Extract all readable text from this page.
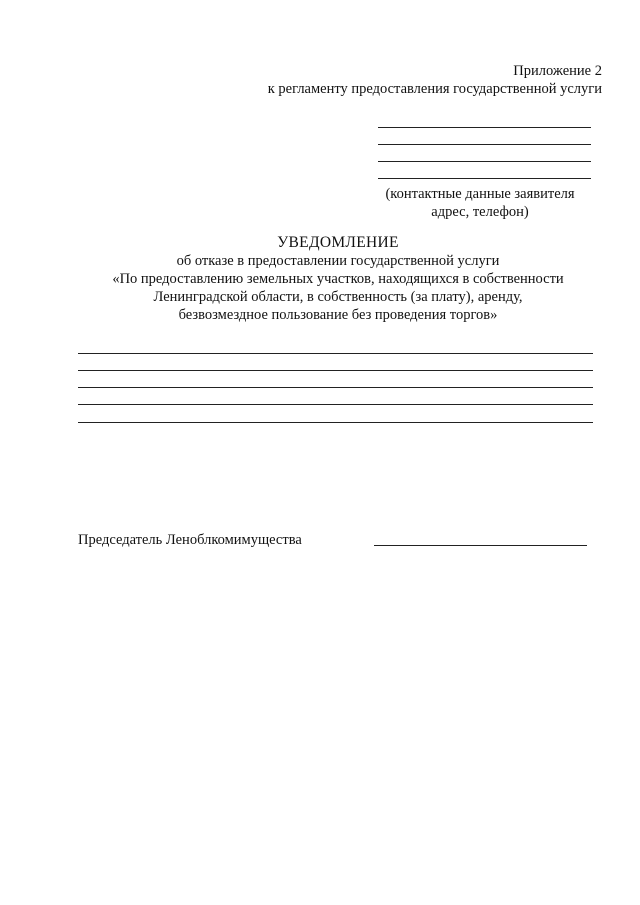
Приложение 2
к регламенту предоставления государственной услуги
(контактные данные заявителя
адрес, телефон)
УВЕДОМЛЕНИЕ
об отказе в предоставлении государственной услуги
«По предоставлению земельных участков, находящихся в собственности
Ленинградской области, в собственность (за плату), аренду,
безвозмездное пользование без проведения торгов»
Председатель Леноблкомимущества
